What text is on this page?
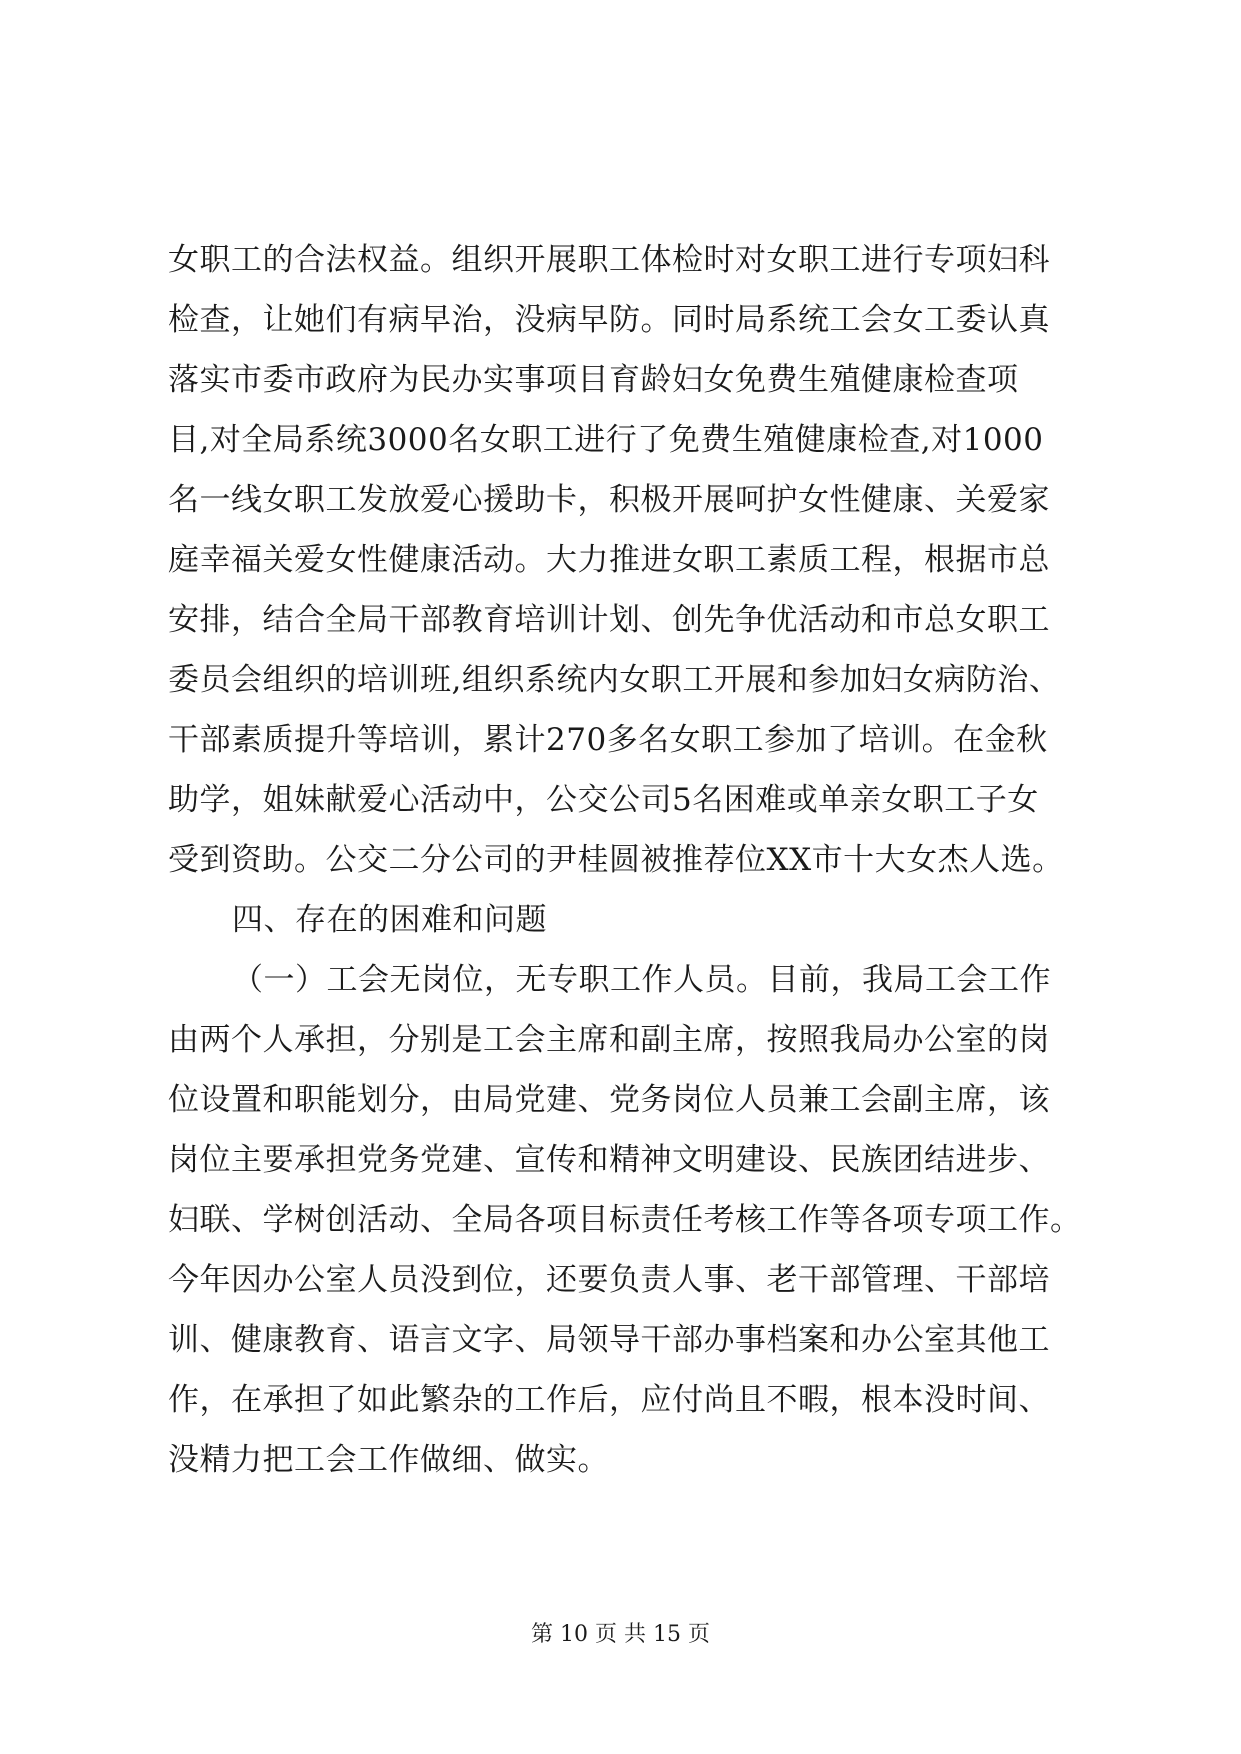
女职工的合法权益。组织开展职工体检时对女职工进行专项妇科
检查，让她们有病早治，没病早防。同时局系统工会女工委认真
落实市委市政府为民办实事项目育龄妇女免费生殖健康检查项
目,对全局系统3000名女职工进行了免费生殖健康检查,对1000
名一线女职工发放爱心援助卡，积极开展呵护女性健康、关爱家
庭幸福关爱女性健康活动。大力推进女职工素质工程，根据市总
安排，结合全局干部教育培训计划、创先争优活动和市总女职工
委员会组织的培训班,组织系统内女职工开展和参加妇女病防治、
干部素质提升等培训，累计270多名女职工参加了培训。在金秋
助学，姐妹献爱心活动中，公交公司5名困难或单亲女职工子女
受到资助。公交二分公司的尹桂圆被推荐位XX市十大女杰人选。
四、存在的困难和问题
（一）工会无岗位，无专职工作人员。目前，我局工会工作
由两个人承担，分别是工会主席和副主席，按照我局办公室的岗
位设置和职能划分，由局党建、党务岗位人员兼工会副主席，该
岗位主要承担党务党建、宣传和精神文明建设、民族团结进步、
妇联、学树创活动、全局各项目标责任考核工作等各项专项工作。
今年因办公室人员没到位，还要负责人事、老干部管理、干部培
训、健康教育、语言文字、局领导干部办事档案和办公室其他工
作，在承担了如此繁杂的工作后，应付尚且不暇，根本没时间、
没精力把工会工作做细、做实。
第 10 页 共 15 页
